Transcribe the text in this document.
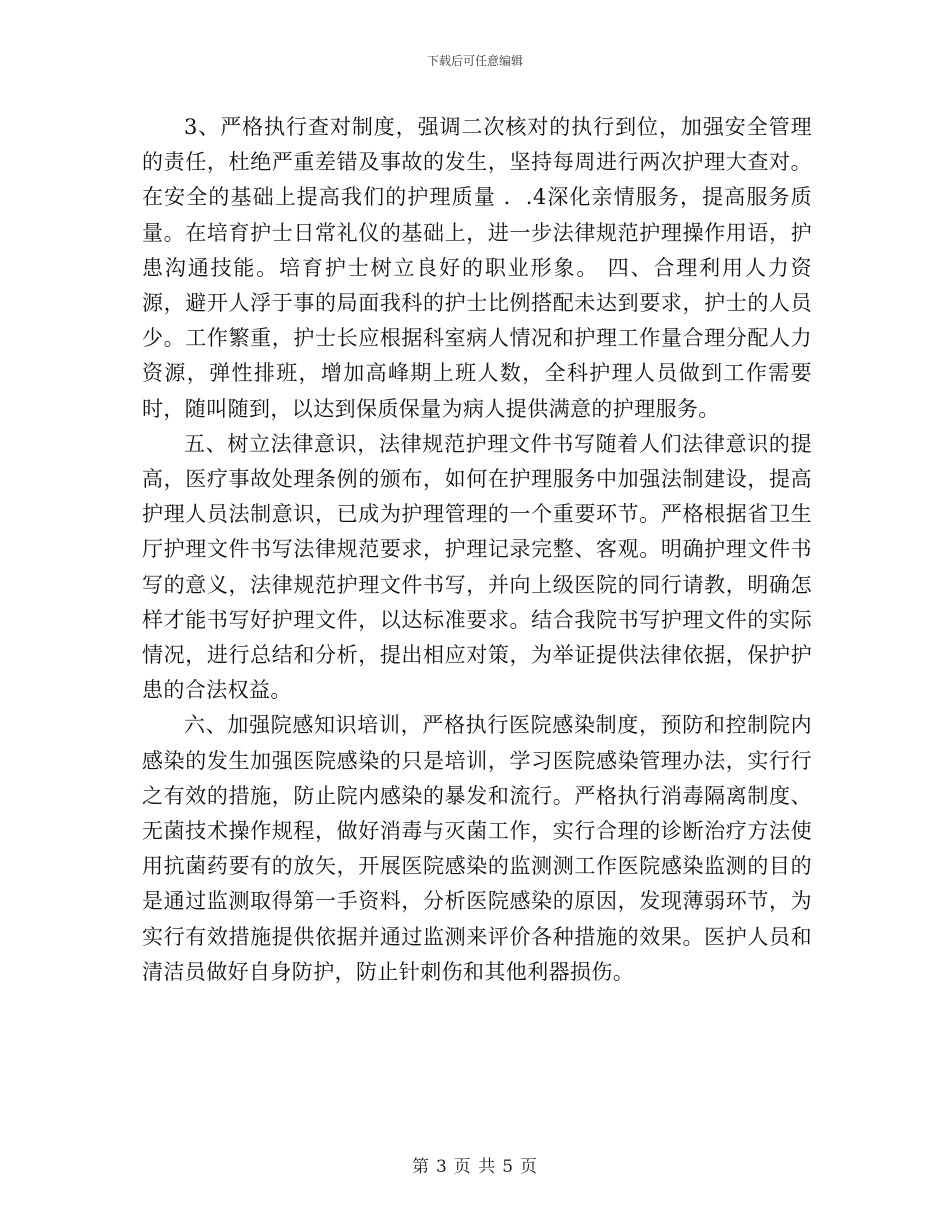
下载后可任意编辑

3、严格执行查对制度，强调二次核对的执行到位，加强安全管理的责任，杜绝严重差错及事故的发生，坚持每周进行两次护理大查对。在安全的基础上提高我们的护理质量 ．.4深化亲情服务，提高服务质量。在培育护士日常礼仪的基础上，进一步法律规范护理操作用语，护患沟通技能。培育护士树立良好的职业形象。 四、合理利用人力资源，避开人浮于事的局面我科的护士比例搭配未达到要求，护士的人员少。工作繁重，护士长应根据科室病人情况和护理工作量合理分配人力资源，弹性排班，增加高峰期上班人数，全科护理人员做到工作需要时，随叫随到，以达到保质保量为病人提供满意的护理服务。

五、树立法律意识，法律规范护理文件书写随着人们法律意识的提高，医疗事故处理条例的颁布，如何在护理服务中加强法制建设，提高护理人员法制意识，已成为护理管理的一个重要环节。严格根据省卫生厅护理文件书写法律规范要求，护理记录完整、客观。明确护理文件书写的意义，法律规范护理文件书写，并向上级医院的同行请教，明确怎样才能书写好护理文件，以达标准要求。结合我院书写护理文件的实际情况，进行总结和分析，提出相应对策，为举证提供法律依据，保护护患的合法权益。

六、加强院感知识培训，严格执行医院感染制度，预防和控制院内感染的发生加强医院感染的只是培训，学习医院感染管理办法，实行行之有效的措施，防止院内感染的暴发和流行。严格执行消毒隔离制度、无菌技术操作规程，做好消毒与灭菌工作，实行合理的诊断治疗方法使用抗菌药要有的放矢，开展医院感染的监测测工作医院感染监测的目的是通过监测取得第一手资料，分析医院感染的原因，发现薄弱环节，为实行有效措施提供依据并通过监测来评价各种措施的效果。医护人员和清洁员做好自身防护，防止针刺伤和其他利器损伤。

第 3 页 共 5 页
